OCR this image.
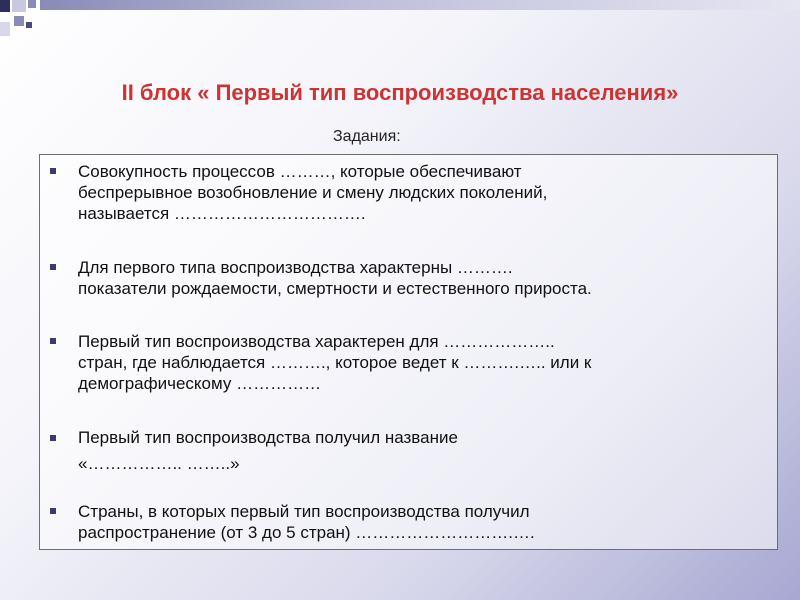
II блок « Первый тип воспроизводства населения»
Задания:
Совокупность процессов ………, которые обеспечивают
беспрерывное возобновление и смену людских поколений,
называется …………………………….
Для первого типа воспроизводства характерны ……….
показатели рождаемости, смертности и естественного прироста.
Первый тип воспроизводства характерен для ………………..
стран, где наблюдается ………., которое ведет к ……….….. или к
демографическому ……………
Первый тип воспроизводства получил название
«…………….. ……..»
Страны, в которых первый тип воспроизводства получил
распространение (от 3 до 5 стран) ……………………….….
